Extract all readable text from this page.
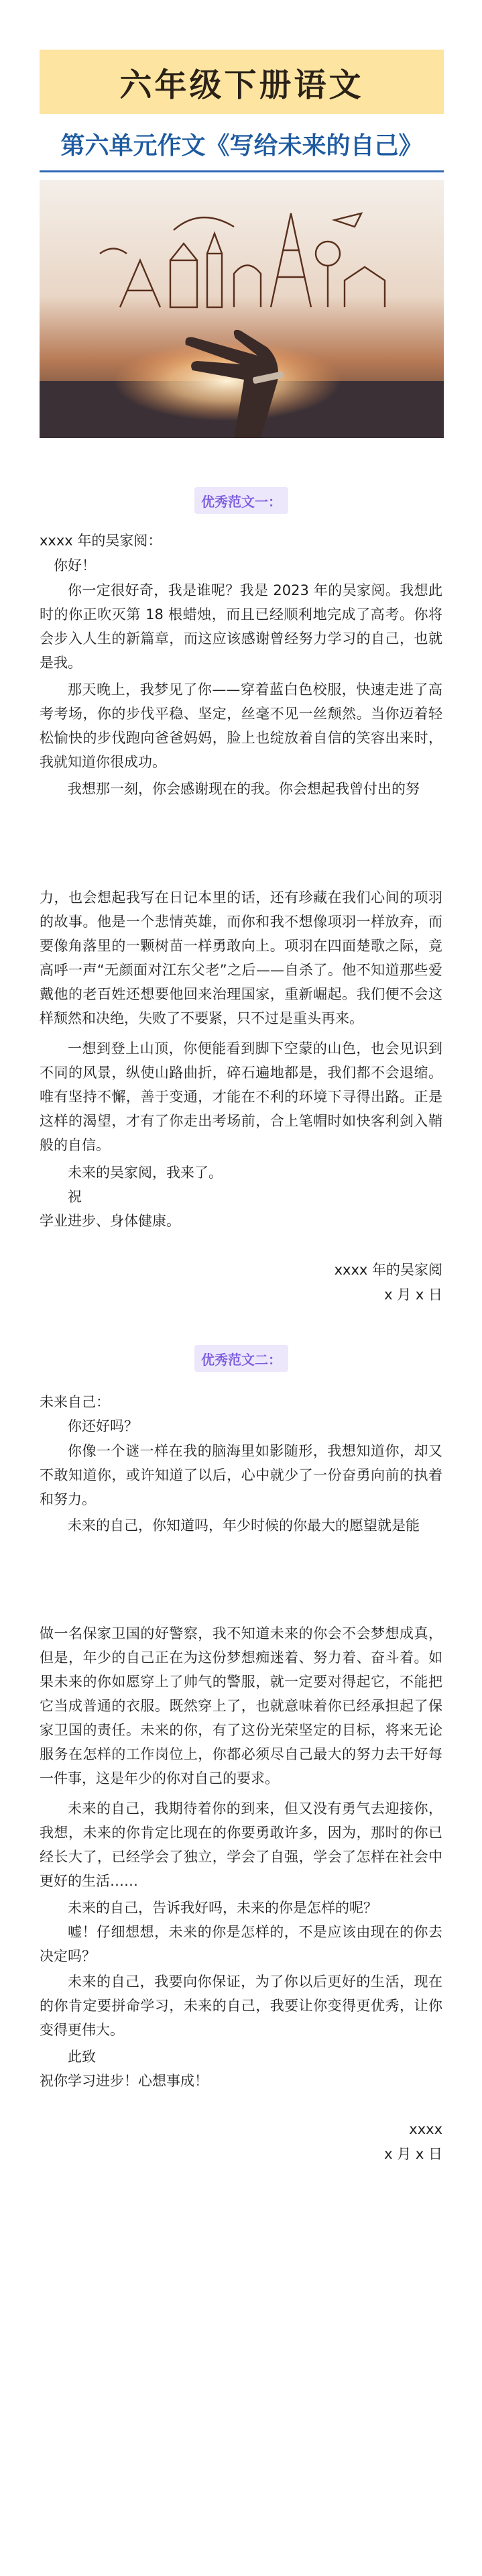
六年级下册语文
第六单元作文《写给未来的自己》
优秀范文一：

xxxx 年的吴家阅：

你好！

你一定很好奇，我是谁呢？我是 2023 年的吴家阅。我想此时的你正吹灭第 18 根蜡烛，而且已经顺利地完成了高考。你将会步入人生的新篇章，而这应该感谢曾经努力学习的自己，也就是我。

那天晚上，我梦见了你——穿着蓝白色校服，快速走进了高考考场，你的步伐平稳、坚定，丝毫不见一丝颓然。当你迈着轻松愉快的步伐跑向爸爸妈妈，脸上也绽放着自信的笑容出来时，我就知道你很成功。

我想那一刻，你会感谢现在的我。你会想起我曾付出的努

力，也会想起我写在日记本里的话，还有珍藏在我们心间的项羽的故事。他是一个悲情英雄，而你和我不想像项羽一样放弃，而要像角落里的一颗树苗一样勇敢向上。项羽在四面楚歌之际，竟高呼一声“无颜面对江东父老”之后——自杀了。他不知道那些爱戴他的老百姓还想要他回来治理国家，重新崛起。我们便不会这样颓然和决绝，失败了不要紧，只不过是重头再来。

一想到登上山顶，你便能看到脚下空蒙的山色，也会见识到不同的风景，纵使山路曲折，碎石遍地都是，我们都不会退缩。唯有坚持不懈，善于变通，才能在不利的环境下寻得出路。正是这样的渴望，才有了你走出考场前，合上笔帽时如快客利剑入鞘般的自信。

未来的吴家阅，我来了。

祝

学业进步、身体健康。

xxxx 年的吴家阅

x 月 x 日

优秀范文二：

未来自己：

你还好吗？

你像一个谜一样在我的脑海里如影随形，我想知道你，却又不敢知道你，或许知道了以后，心中就少了一份奋勇向前的执着和努力。

未来的自己，你知道吗，年少时候的你最大的愿望就是能

做一名保家卫国的好警察，我不知道未来的你会不会梦想成真，但是，年少的自己正在为这份梦想痴迷着、努力着、奋斗着。如果未来的你如愿穿上了帅气的警服，就一定要对得起它，不能把它当成普通的衣服。既然穿上了，也就意味着你已经承担起了保家卫国的责任。未来的你，有了这份光荣坚定的目标，将来无论服务在怎样的工作岗位上，你都必须尽自己最大的努力去干好每一件事，这是年少的你对自己的要求。

未来的自己，我期待着你的到来，但又没有勇气去迎接你，我想，未来的你肯定比现在的你要勇敢许多，因为，那时的你已经长大了，已经学会了独立，学会了自强，学会了怎样在社会中更好的生活……

未来的自己，告诉我好吗，未来的你是怎样的呢？

嘘！仔细想想，未来的你是怎样的，不是应该由现在的你去决定吗？

未来的自己，我要向你保证，为了你以后更好的生活，现在的你肯定要拼命学习，未来的自己，我要让你变得更优秀，让你变得更伟大。

此致

祝你学习进步！心想事成！

xxxx

x 月 x 日
